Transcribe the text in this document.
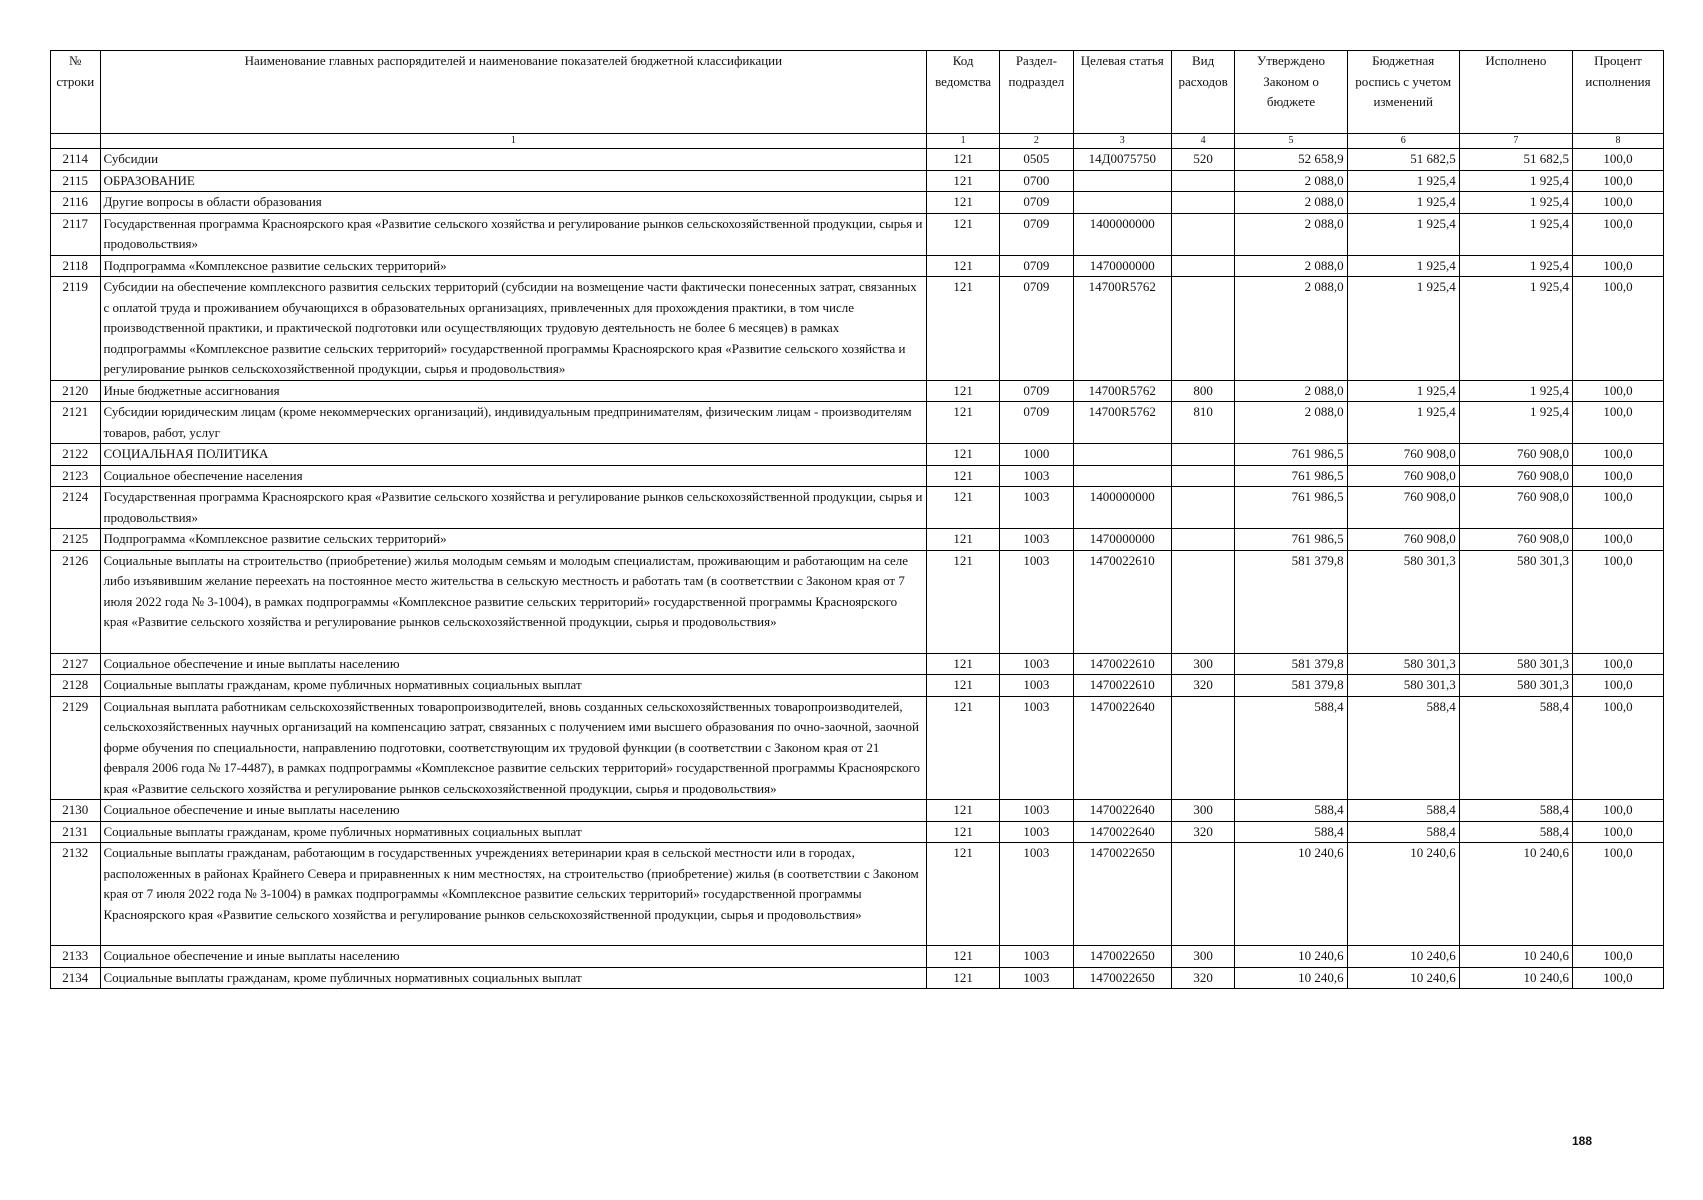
№ строки	Наименование главных распорядителей и наименование показателей бюджетной классификации	Код ведомства	Раздел-подраздел	Целевая статья	Вид расходов	Утверждено Законом о бюджете	Бюджетная роспись с учетом изменений	Исполнено	Процент исполнения
	1	1	2	3	4	5	6	7	8
2114	Субсидии	121	0505	14Д0075750	520	52 658,9	51 682,5	51 682,5	100,0
2115	ОБРАЗОВАНИЕ	121	0700			2 088,0	1 925,4	1 925,4	100,0
2116	Другие вопросы в области образования	121	0709			2 088,0	1 925,4	1 925,4	100,0
2117	Государственная программа Красноярского края «Развитие сельского хозяйства и регулирование рынков сельскохозяйственной продукции, сырья и продовольствия»	121	0709	1400000000		2 088,0	1 925,4	1 925,4	100,0
2118	Подпрограмма «Комплексное развитие сельских территорий»	121	0709	1470000000		2 088,0	1 925,4	1 925,4	100,0
2119	Субсидии на обеспечение комплексного развития сельских территорий (субсидии на возмещение части фактически понесенных затрат, связанных с оплатой труда и проживанием обучающихся в образовательных организациях, привлеченных для прохождения практики, в том числе производственной практики, и практической подготовки или осуществляющих трудовую деятельность не более 6 месяцев) в рамках подпрограммы «Комплексное развитие сельских территорий» государственной программы Красноярского края «Развитие сельского хозяйства и регулирование рынков сельскохозяйственной продукции, сырья и продовольствия»	121	0709	14700R5762		2 088,0	1 925,4	1 925,4	100,0
2120	Иные бюджетные ассигнования	121	0709	14700R5762	800	2 088,0	1 925,4	1 925,4	100,0
2121	Субсидии юридическим лицам (кроме некоммерческих организаций), индивидуальным предпринимателям, физическим лицам - производителям товаров, работ, услуг	121	0709	14700R5762	810	2 088,0	1 925,4	1 925,4	100,0
2122	СОЦИАЛЬНАЯ ПОЛИТИКА	121	1000			761 986,5	760 908,0	760 908,0	100,0
2123	Социальное обеспечение населения	121	1003			761 986,5	760 908,0	760 908,0	100,0
2124	Государственная программа Красноярского края «Развитие сельского хозяйства и регулирование рынков сельскохозяйственной продукции, сырья и продовольствия»	121	1003	1400000000		761 986,5	760 908,0	760 908,0	100,0
2125	Подпрограмма «Комплексное развитие сельских территорий»	121	1003	1470000000		761 986,5	760 908,0	760 908,0	100,0
2126	Социальные выплаты на строительство (приобретение) жилья молодым семьям и молодым специалистам, проживающим и работающим на селе либо изъявившим желание переехать на постоянное место жительства в сельскую местность и работать там (в соответствии с Законом края от 7 июля 2022 года № 3-1004), в рамках подпрограммы «Комплексное развитие сельских территорий» государственной программы Красноярского края «Развитие сельского хозяйства и регулирование рынков сельскохозяйственной продукции, сырья и продовольствия»	121	1003	1470022610		581 379,8	580 301,3	580 301,3	100,0
2127	Социальное обеспечение и иные выплаты населению	121	1003	1470022610	300	581 379,8	580 301,3	580 301,3	100,0
2128	Социальные выплаты гражданам, кроме публичных нормативных социальных выплат	121	1003	1470022610	320	581 379,8	580 301,3	580 301,3	100,0
2129	Социальная выплата работникам сельскохозяйственных товаропроизводителей, вновь созданных сельскохозяйственных товаропроизводителей, сельскохозяйственных научных организаций на компенсацию затрат, связанных с получением ими высшего образования по очно-заочной, заочной форме обучения по специальности, направлению подготовки, соответствующим их трудовой функции (в соответствии с Законом края от 21 февраля 2006 года № 17-4487), в рамках подпрограммы «Комплексное развитие сельских территорий» государственной программы Красноярского края «Развитие сельского хозяйства и регулирование рынков сельскохозяйственной продукции, сырья и продовольствия»	121	1003	1470022640		588,4	588,4	588,4	100,0
2130	Социальное обеспечение и иные выплаты населению	121	1003	1470022640	300	588,4	588,4	588,4	100,0
2131	Социальные выплаты гражданам, кроме публичных нормативных социальных выплат	121	1003	1470022640	320	588,4	588,4	588,4	100,0
2132	Социальные выплаты гражданам, работающим в государственных учреждениях ветеринарии края в сельской местности или в городах, расположенных в районах Крайнего Севера и приравненных к ним местностях, на строительство (приобретение) жилья (в соответствии с Законом края от 7 июля 2022 года № 3-1004) в рамках подпрограммы «Комплексное развитие сельских территорий» государственной программы Красноярского края «Развитие сельского хозяйства и регулирование рынков сельскохозяйственной продукции, сырья и продовольствия»	121	1003	1470022650		10 240,6	10 240,6	10 240,6	100,0
2133	Социальное обеспечение и иные выплаты населению	121	1003	1470022650	300	10 240,6	10 240,6	10 240,6	100,0
2134	Социальные выплаты гражданам, кроме публичных нормативных социальных выплат	121	1003	1470022650	320	10 240,6	10 240,6	10 240,6	100,0
188
